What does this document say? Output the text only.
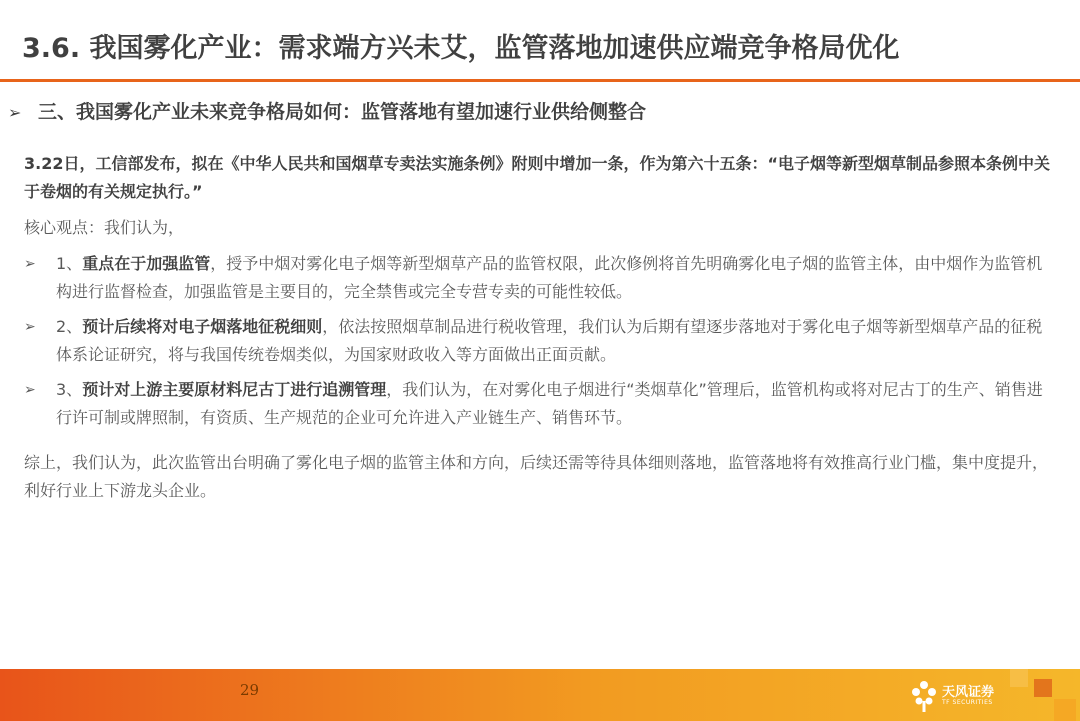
3.6. 我国雾化产业：需求端方兴未艾，监管落地加速供应端竞争格局优化
➢ 三、我国雾化产业未来竞争格局如何：监管落地有望加速行业供给侧整合

3.22日，工信部发布，拟在《中华人民共和国烟草专卖法实施条例》附则中增加一条，作为第六十五条：“电子烟等新型烟草制品参照本条例中关于卷烟的有关规定执行。”

核心观点：我们认为，

➢ 1、重点在于加强监管，授予中烟对雾化电子烟等新型烟草产品的监管权限，此次修例将首先明确雾化电子烟的监管主体，由中烟作为监管机构进行监督检查，加强监管是主要目的，完全禁售或完全专营专卖的可能性较低。
➢ 2、预计后续将对电子烟落地征税细则，依法按照烟草制品进行税收管理，我们认为后期有望逐步落地对于雾化电子烟等新型烟草产品的征税体系论证研究，将与我国传统卷烟类似，为国家财政收入等方面做出正面贡献。
➢ 3、预计对上游主要原材料尼古丁进行追溯管理，我们认为，在对雾化电子烟进行“类烟草化”管理后，监管机构或将对尼古丁的生产、销售进行许可制或牌照制，有资质、生产规范的企业可允许进入产业链生产、销售环节。

综上，我们认为，此次监管出台明确了雾化电子烟的监管主体和方向，后续还需等待具体细则落地，监管落地将有效推高行业门槛，集中度提升，利好行业上下游龙头企业。

29	天风证券
TF SECURITIES
